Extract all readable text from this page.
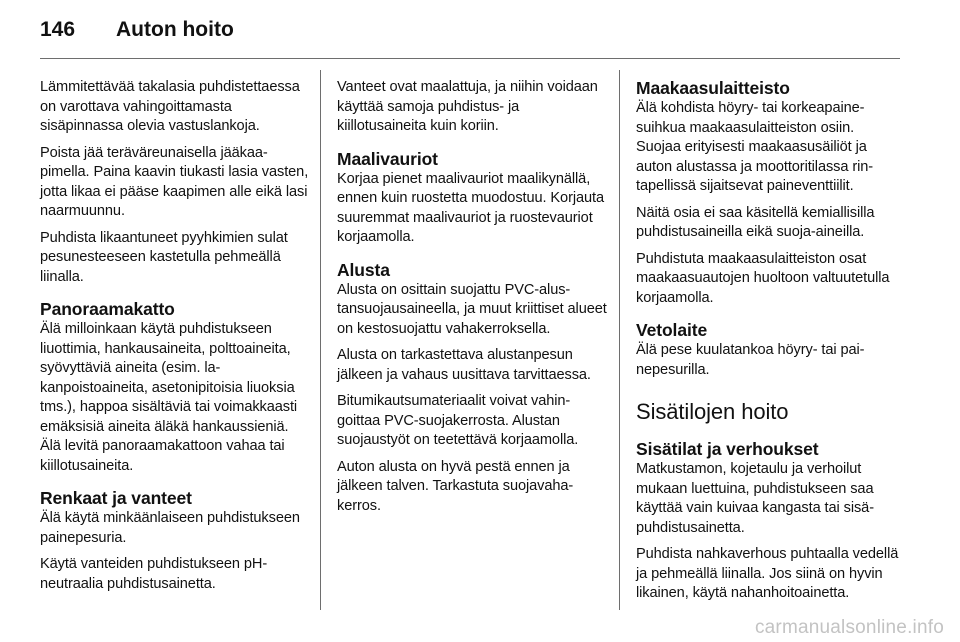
146 Auton hoito

Lämmitettävää takalasia puhdistettaessa on varottava vahingoittamasta sisäpinnassa olevia vastuslankoja.

Poista jää teräväreunaisella jääkaapimella. Paina kaavin tiukasti lasia vasten, jotta likaa ei pääse kaapimen alle eikä lasi naarmuunnu.

Puhdista likaantuneet pyyhkimien sulat pesunesteeseen kastetulla pehmeällä liinalla.

Panoraamakatto

Älä milloinkaan käytä puhdistukseen liuottimia, hankausaineita, polttoaineita, syövyttäviä aineita (esim. lakanpoistoaineita, asetonipitoisia liuoksia tms.), happoa sisältäviä tai voimakkaasti emäksisiä aineita äläkä hankaussieniä. Älä levitä panoraamakattoon vahaa tai kiillotusaineita.

Renkaat ja vanteet

Älä käytä minkäänlaiseen puhdistukseen painepesuria.

Käytä vanteiden puhdistukseen pH-neutraalia puhdistusainetta.

Vanteet ovat maalattuja, ja niihin voidaan käyttää samoja puhdistus- ja kiillotusaineita kuin koriin.

Maalivauriot

Korjaa pienet maalivauriot maalikynällä, ennen kuin ruostetta muodostuu. Korjauta suuremmat maalivauriot ja ruostevauriot korjaamolla.

Alusta

Alusta on osittain suojattu PVC-alustansuojausaineella, ja muut kriittiset alueet on kestosuojattu vahakerroksella.

Alusta on tarkastettava alustanpesun jälkeen ja vahaus uusittava tarvittaessa.

Bitumikautsumateriaalit voivat vahingoittaa PVC-suojakerrosta. Alustan suojaustyöt on teetettävä korjaamolla.

Auton alusta on hyvä pestä ennen ja jälkeen talven. Tarkastuta suojavahakerros.

Maakaasulaitteisto

Älä kohdista höyry- tai korkeapainesuihkua maakaasulaitteiston osiin. Suojaa erityisesti maakaasusäiliöt ja auton alustassa ja moottoritilassa rintapellissä sijaitsevat paineventtiilit.

Näitä osia ei saa käsitellä kemiallisilla puhdistusaineilla eikä suoja-aineilla.

Puhdistuta maakaasulaitteiston osat maakaasuautojen huoltoon valtuutetulla korjaamolla.

Vetolaite

Älä pese kuulatankoa höyry- tai painepesurilla.

Sisätilojen hoito
Sisätilat ja verhoukset

Matkustamon, kojetaulu ja verhoilut mukaan luettuina, puhdistukseen saa käyttää vain kuivaa kangasta tai sisäpuhdistusainetta.

Puhdista nahkaverhous puhtaalla vedellä ja pehmeällä liinalla. Jos siinä on hyvin likainen, käytä nahanhoitoainetta.

carmanualsonline.info
